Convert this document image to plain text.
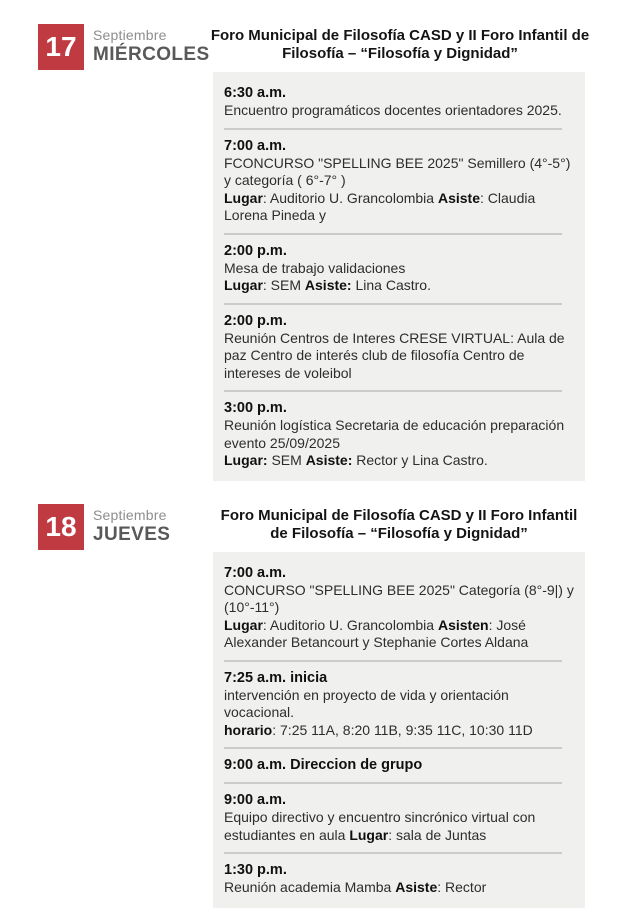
17 Septiembre
MIÉRCOLES
Foro Municipal de Filosofía CASD y II Foro Infantil de Filosofía – “Filosofía y Dignidad”
6:30 a.m.

Encuentro programáticos docentes orientadores 2025.

7:00 a.m.

FCONCURSO "SPELLING BEE 2025" Semillero (4°-5°) y categoría ( 6°-7° )

Lugar: Auditorio U. Grancolombia Asiste: Claudia Lorena Pineda y

2:00 p.m.

Mesa de trabajo validaciones

Lugar: SEM Asiste: Lina Castro.

2:00 p.m.

Reunión Centros de Interes CRESE VIRTUAL: Aula de paz Centro de interés club de filosofía Centro de intereses de voleibol

3:00 p.m.

Reunión logística Secretaria de educación preparación evento 25/09/2025

Lugar: SEM Asiste: Rector y Lina Castro.

18 Septiembre
JUEVES
Foro Municipal de Filosofía CASD y II Foro Infantil de Filosofía – “Filosofía y Dignidad”
7:00 a.m.

CONCURSO "SPELLING BEE 2025" Categoría (8°-9|) y (10°-11°)

Lugar: Auditorio U. Grancolombia Asisten: José Alexander Betancourt y Stephanie Cortes Aldana

7:25 a.m. inicia

intervención en proyecto de vida y orientación vocacional.

horario: 7:25 11A, 8:20 11B, 9:35 11C, 10:30 11D

9:00 a.m. Direccion de grupo
9:00 a.m.

Equipo directivo y encuentro sincrónico virtual con estudiantes en aula Lugar: sala de Juntas

1:30 p.m.

Reunión academia Mamba Asiste: Rector
